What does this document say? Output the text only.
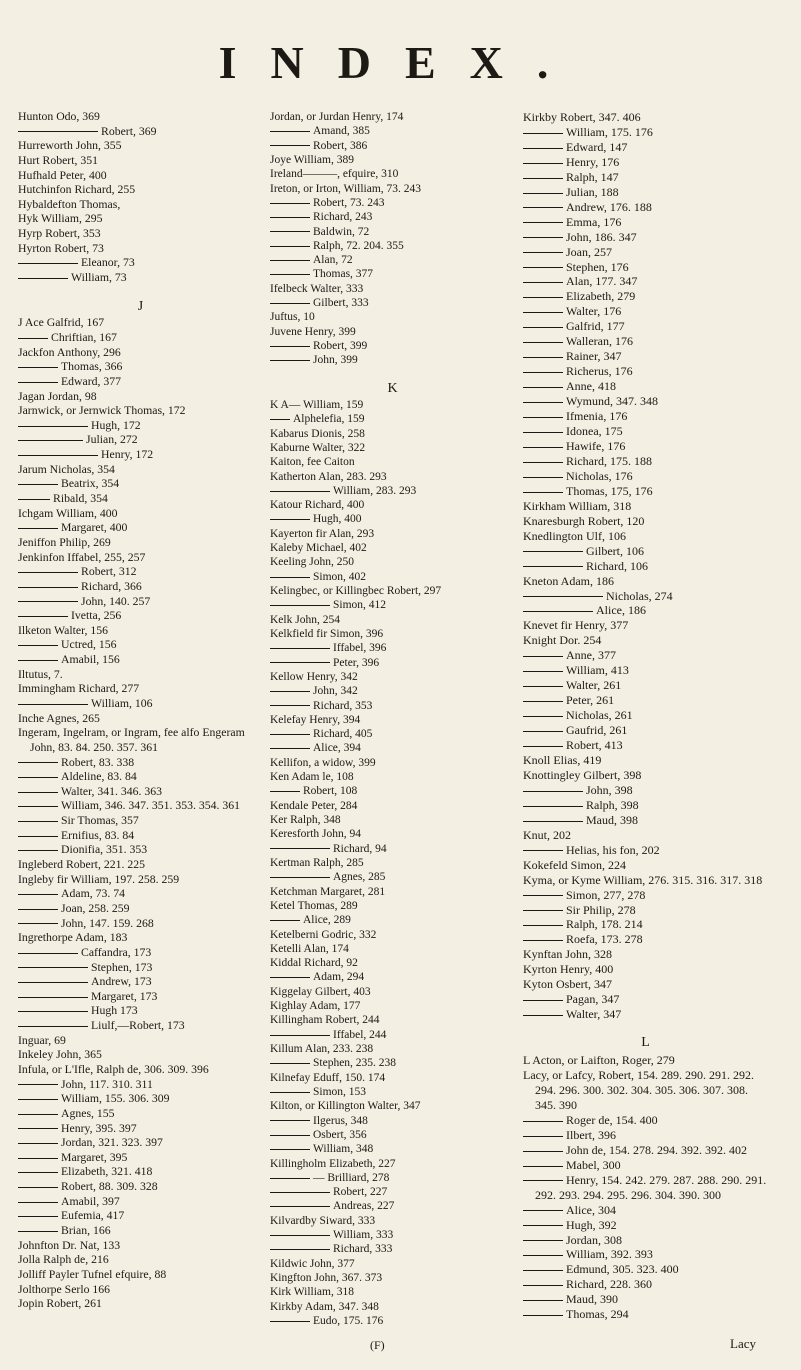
INDEX.
Hunton Odo, 369
Robert, 369
Hurreworth John, 355
Hurt Robert, 351
Hufhald Peter, 400
Hutchinfon Richard, 255
Hybaldefton Thomas,
Hyk William, 295
Hyrp Robert, 353
Hyrton Robert, 73
Eleanor, 73
William, 73
J
J Ace Galfrid, 167
Chriftian, 167
Jackfon Anthony, 296
Thomas, 366
Edward, 377
Jagan Jordan, 98
Jarnwick, or Jernwick Thomas, 172
Hugh, 172
Julian, 272
Henry, 172
Jarum Nicholas, 354
Beatrix, 354
Ribald, 354
Ichgam William, 400
Margaret, 400
Jeniffon Philip, 269
Jenkinfon Iffabel, 255, 257
Robert, 312
Richard, 366
John, 140. 257
Ivetta, 256
Ilketon Walter, 156
Uctred, 156
Amabil, 156
Iltutus, 7.
Immingham Richard, 277
William, 106
Inche Agnes, 265
Ingeram, Ingelram, or Ingram, fee alfo Engeram John, 83. 84. 250. 357. 361
Robert, 83. 338
Aldeline, 83. 84
Walter, 341. 346. 363
William, 346. 347. 351. 353. 354. 361
Sir Thomas, 357
Ernifius, 83. 84
Dionifia, 351. 353
Ingleberd Robert, 221. 225
Ingleby fir William, 197. 258. 259
Adam, 73. 74
Joan, 258. 259
John, 147. 159. 268
Ingrethorpe Adam, 183
Caffandra, 173
Stephen, 173
Andrew, 173
Margaret, 173
Hugh 173
Liulf,—Robert, 173
Inguar, 69
Inkeley John, 365
Infula, or L'Ifle, Ralph de, 306. 309. 396
John, 117. 310. 311
William, 155. 306. 309
Agnes, 155
Henry, 395. 397
Jordan, 321. 323. 397
Margaret, 395
Elizabeth, 321. 418
Robert, 88. 309. 328
Amabil, 397
Eufemia, 417
Brian, 166
Johnfton Dr. Nat, 133
Jolla Ralph de, 216
Jolliff Payler Tufnel efquire, 88
Jolthorpe Serlo 166
Jopin Robert, 261
Jordan, or Jurdan Henry, 174
Amand, 385
Robert, 386
Joye William, 389
Ireland———, efquire, 310
Ireton, or Irton, William, 73. 243
Robert, 73. 243
Richard, 243
Baldwin, 72
Ralph, 72. 204. 355
Alan, 72
Thomas, 377
Ifelbeck Walter, 333
Gilbert, 333
Juftus, 10
Juvene Henry, 399
Robert, 399
John, 399
K
K A— William, 159
Alphelefia, 159
Kabarus Dionis, 258
Kaburne Walter, 322
Kaiton, fee Caiton
Katherton Alan, 283. 293
William, 283. 293
Katour Richard, 400
Hugh, 400
Kayerton fir Alan, 293
Kaleby Michael, 402
Keeling John, 250
Simon, 402
Kelingbec, or Killingbec Robert, 297
Simon, 412
Kelk John, 254
Kelkfield fir Simon, 396
Iffabel, 396
Peter, 396
Kellow Henry, 342
John, 342
Richard, 353
Kelefay Henry, 394
Richard, 405
Alice, 394
Kellifon, a widow, 399
Ken Adam le, 108
Robert, 108
Kendale Peter, 284
Ker Ralph, 348
Keresforth John, 94
Richard, 94
Kertman Ralph, 285
Agnes, 285
Ketchman Margaret, 281
Ketel Thomas, 289
Alice, 289
Ketelberni Godric, 332
Ketelli Alan, 174
Kiddal Richard, 92
Adam, 294
Kiggelay Gilbert, 403
Kighlay Adam, 177
Killingham Robert, 244
Iffabel, 244
Killum Alan, 233. 238
Stephen, 235. 238
Kilnefay Eduff, 150. 174
Simon, 153
Kilton, or Killington Walter, 347
Ilgerus, 348
Osbert, 356
William, 348
Killingholm Elizabeth, 227
— Brilliard, 278
Robert, 227
Andreas, 227
Kilvardby Siward, 333
William, 333
Richard, 333
Kildwic John, 377
Kingfton John, 367. 373
Kirk William, 318
Kirkby Adam, 347. 348
Eudo, 175. 176
Kirkby Robert, 347. 406
William, 175. 176
Edward, 147
Henry, 176
Ralph, 147
Julian, 188
Andrew, 176. 188
Emma, 176
John, 186. 347
Joan, 257
Stephen, 176
Alan, 177. 347
Elizabeth, 279
Walter, 176
Galfrid, 177
Walleran, 176
Rainer, 347
Richerus, 176
Anne, 418
Wymund, 347. 348
Ifmenia, 176
Idonea, 175
Hawife, 176
Richard, 175. 188
Nicholas, 176
Thomas, 175, 176
Kirkham William, 318
Knaresburgh Robert, 120
Knedlington Ulf, 106
Gilbert, 106
Richard, 106
Kneton Adam, 186
Nicholas, 274
Alice, 186
Knevet fir Henry, 377
Knight Dor. 254
Anne, 377
William, 413
Walter, 261
Peter, 261
Nicholas, 261
Gaufrid, 261
Robert, 413
Knoll Elias, 419
Knottingley Gilbert, 398
John, 398
Ralph, 398
Maud, 398
Knut, 202
Helias, his fon, 202
Kokefeld Simon, 224
Kyma, or Kyme William, 276. 315. 316. 317. 318
Simon, 277, 278
Sir Philip, 278
Ralph, 178. 214
Roefa, 173. 278
Kynftan John, 328
Kyrton Henry, 400
Kyton Osbert, 347
Pagan, 347
Walter, 347
L
L Acton, or Laifton, Roger, 279
Lacy, or Lafcy, Robert, 154. 289. 290. 291. 292. 294. 296. 300. 302. 304. 305. 306. 307. 308. 345. 390
Roger de, 154. 400
Ilbert, 396
John de, 154. 278. 294. 392. 392. 402
Mabel, 300
Henry, 154. 242. 279. 287. 288. 290. 291. 292. 293. 294. 295. 296. 304. 390. 300
Alice, 304
Hugh, 392
Jordan, 308
William, 392. 393
Edmund, 305. 323. 400
Richard, 228. 360
Maud, 390
Thomas, 294
(F)	Lacy
